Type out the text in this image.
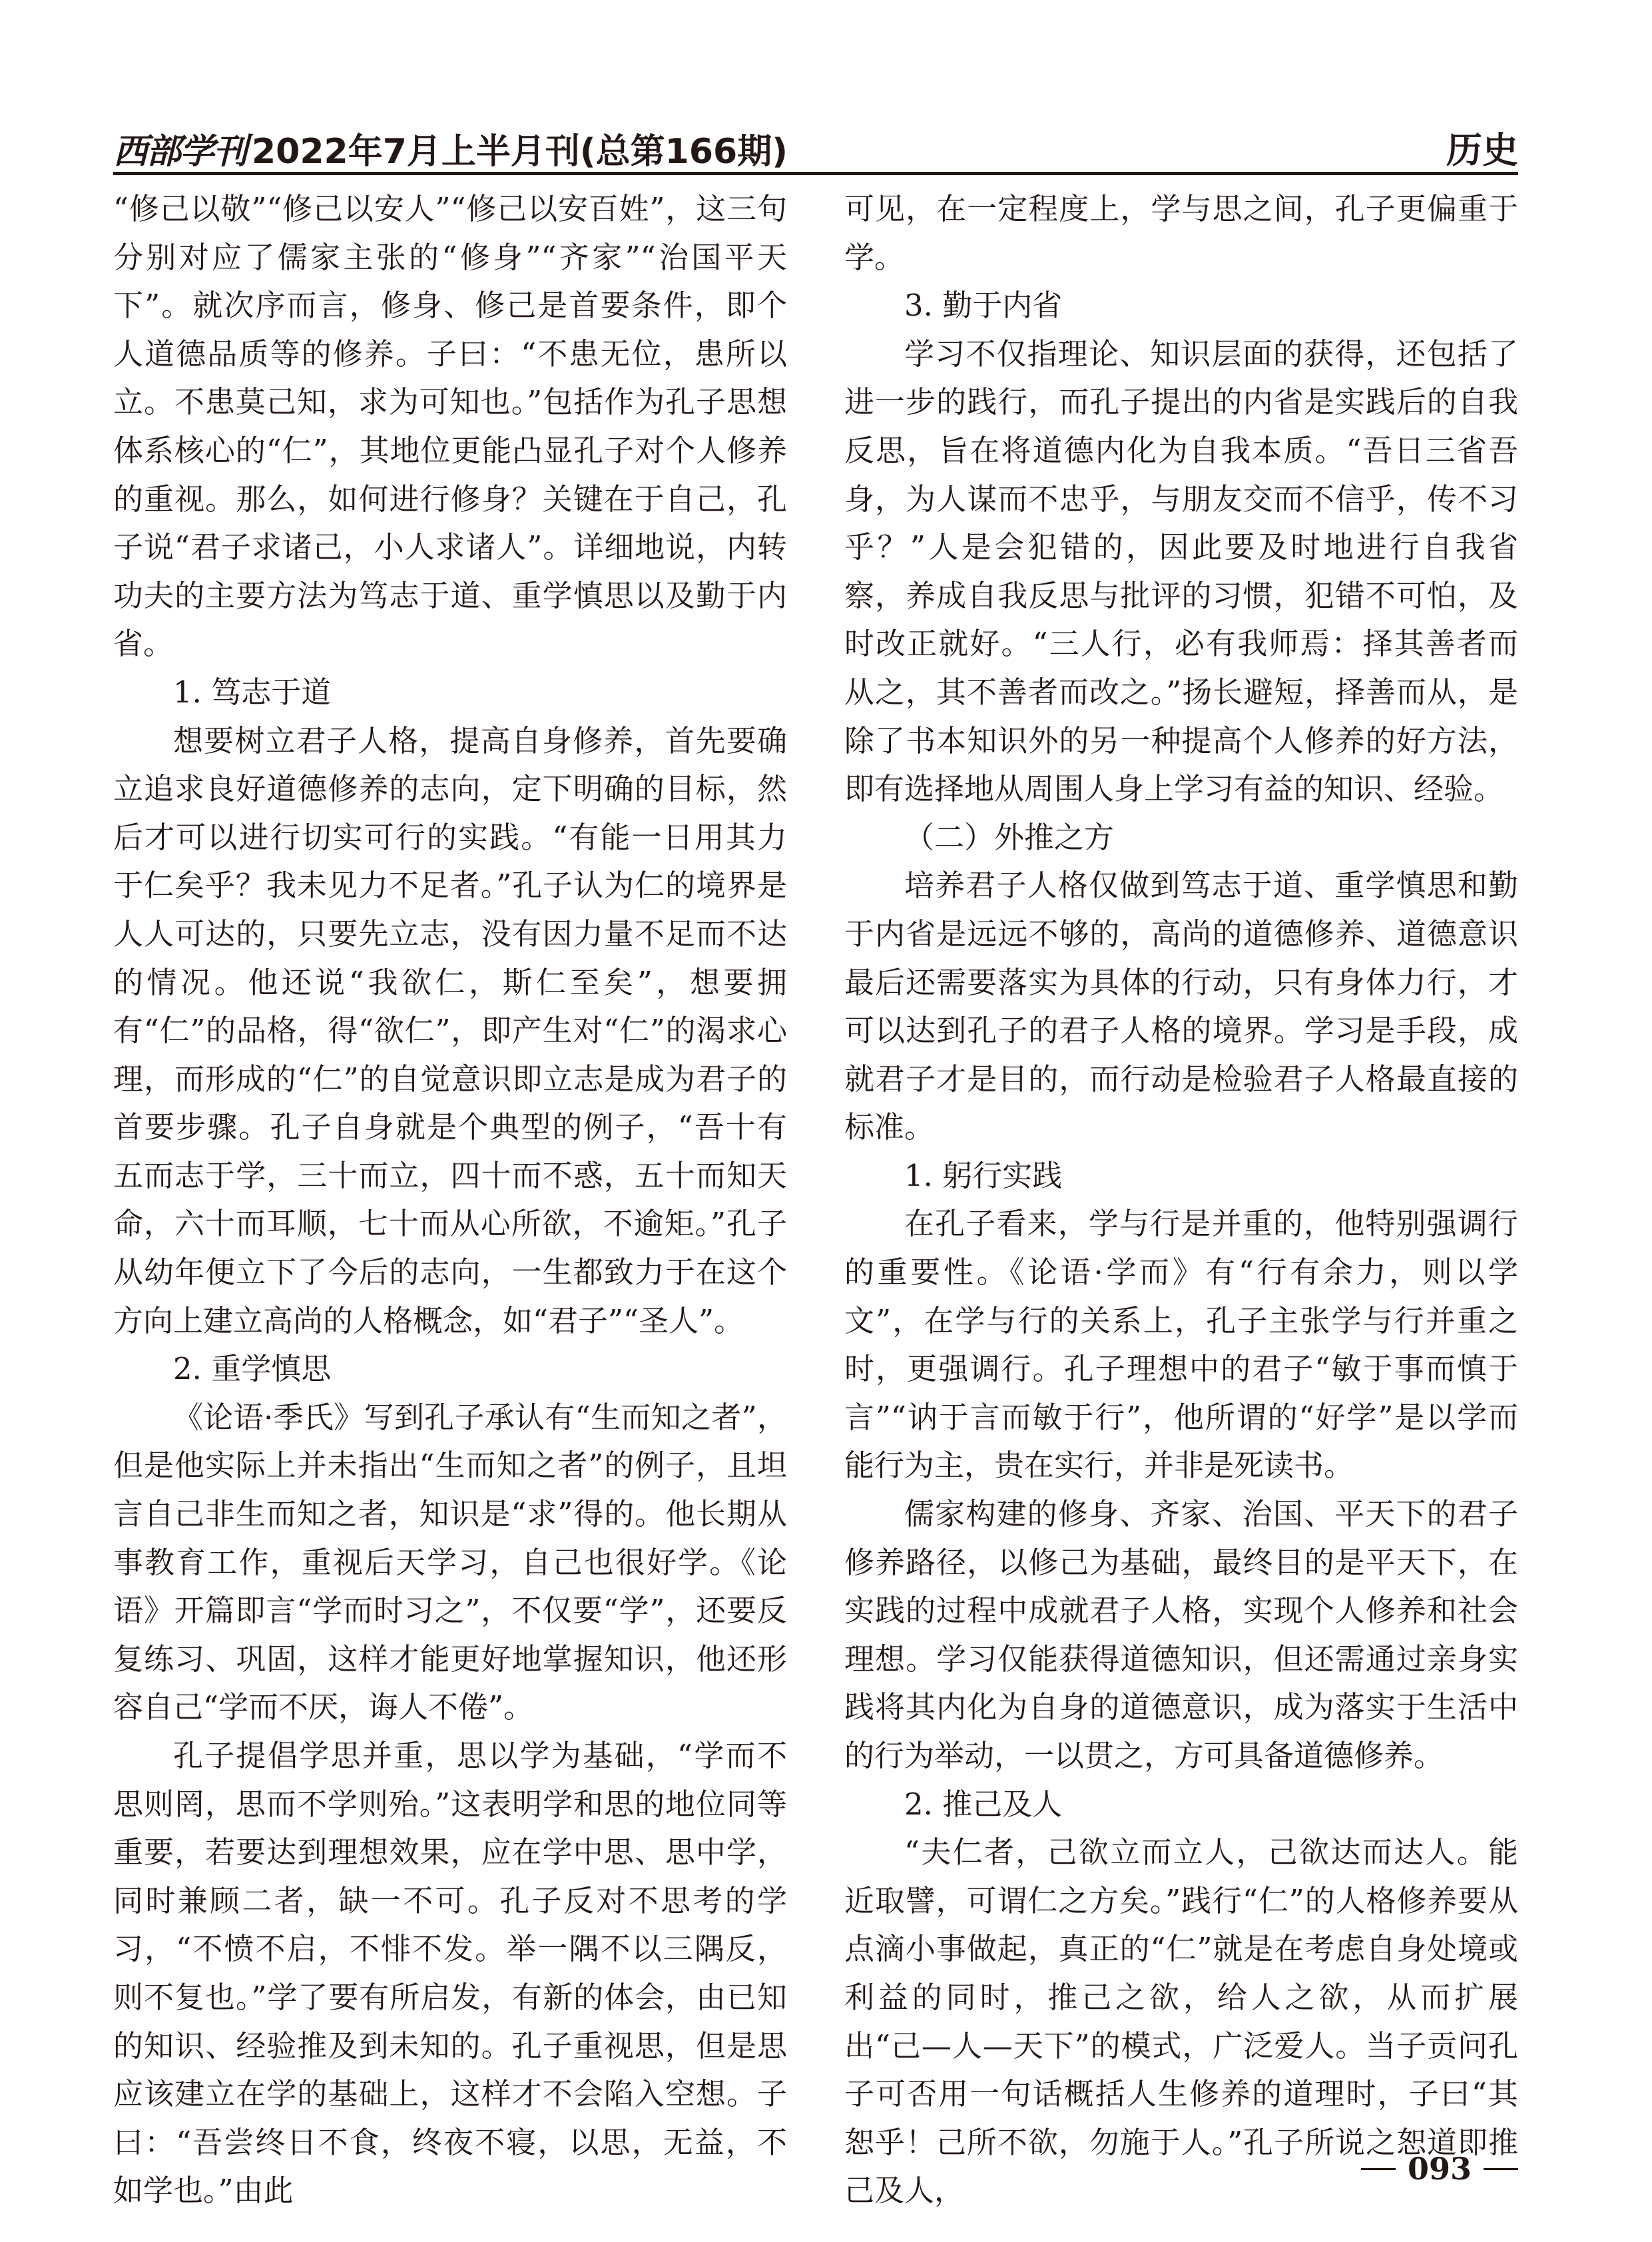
西部学刊 2022年7月上半月刊(总第166期)	历史

“修己以敬”“修己以安人”“修己以安百姓”，这三句分别对应了儒家主张的“修身”“齐家”“治国平天下”。就次序而言，修身、修己是首要条件，即个人道德品质等的修养。子曰：“不患无位，患所以立。不患莫己知，求为可知也。”包括作为孔子思想体系核心的“仁”，其地位更能凸显孔子对个人修养的重视。那么，如何进行修身？关键在于自己，孔子说“君子求诸己，小人求诸人”。详细地说，内转功夫的主要方法为笃志于道、重学慎思以及勤于内省。

1. 笃志于道

想要树立君子人格，提高自身修养，首先要确立追求良好道德修养的志向，定下明确的目标，然后才可以进行切实可行的实践。“有能一日用其力于仁矣乎？我未见力不足者。”孔子认为仁的境界是人人可达的，只要先立志，没有因力量不足而不达的情况。他还说“我欲仁，斯仁至矣”，想要拥有“仁”的品格，得“欲仁”，即产生对“仁”的渴求心理，而形成的“仁”的自觉意识即立志是成为君子的首要步骤。孔子自身就是个典型的例子，“吾十有五而志于学，三十而立，四十而不惑，五十而知天命，六十而耳顺，七十而从心所欲，不逾矩。”孔子从幼年便立下了今后的志向，一生都致力于在这个方向上建立高尚的人格概念，如“君子”“圣人”。

2. 重学慎思

《论语·季氏》写到孔子承认有“生而知之者”，但是他实际上并未指出“生而知之者”的例子，且坦言自己非生而知之者，知识是“求”得的。他长期从事教育工作，重视后天学习，自己也很好学。《论语》开篇即言“学而时习之”，不仅要“学”，还要反复练习、巩固，这样才能更好地掌握知识，他还形容自己“学而不厌，诲人不倦”。

孔子提倡学思并重，思以学为基础，“学而不思则罔，思而不学则殆。”这表明学和思的地位同等重要，若要达到理想效果，应在学中思、思中学，同时兼顾二者，缺一不可。孔子反对不思考的学习，“不愤不启，不悱不发。举一隅不以三隅反，则不复也。”学了要有所启发，有新的体会，由已知的知识、经验推及到未知的。孔子重视思，但是思应该建立在学的基础上，这样才不会陷入空想。子曰：“吾尝终日不食，终夜不寝，以思，无益，不如学也。”由此

可见，在一定程度上，学与思之间，孔子更偏重于学。

3. 勤于内省

学习不仅指理论、知识层面的获得，还包括了进一步的践行，而孔子提出的内省是实践后的自我反思，旨在将道德内化为自我本质。“吾日三省吾身，为人谋而不忠乎，与朋友交而不信乎，传不习乎？”人是会犯错的，因此要及时地进行自我省察，养成自我反思与批评的习惯，犯错不可怕，及时改正就好。“三人行，必有我师焉：择其善者而从之，其不善者而改之。”扬长避短，择善而从，是除了书本知识外的另一种提高个人修养的好方法，即有选择地从周围人身上学习有益的知识、经验。

（二）外推之方

培养君子人格仅做到笃志于道、重学慎思和勤于内省是远远不够的，高尚的道德修养、道德意识最后还需要落实为具体的行动，只有身体力行，才可以达到孔子的君子人格的境界。学习是手段，成就君子才是目的，而行动是检验君子人格最直接的标准。

1. 躬行实践

在孔子看来，学与行是并重的，他特别强调行的重要性。《论语·学而》有“行有余力，则以学文”，在学与行的关系上，孔子主张学与行并重之时，更强调行。孔子理想中的君子“敏于事而慎于言”“讷于言而敏于行”，他所谓的“好学”是以学而能行为主，贵在实行，并非是死读书。

儒家构建的修身、齐家、治国、平天下的君子修养路径，以修己为基础，最终目的是平天下，在实践的过程中成就君子人格，实现个人修养和社会理想。学习仅能获得道德知识，但还需通过亲身实践将其内化为自身的道德意识，成为落实于生活中的行为举动，一以贯之，方可具备道德修养。

2. 推己及人

“夫仁者，己欲立而立人，己欲达而达人。能近取譬，可谓仁之方矣。”践行“仁”的人格修养要从点滴小事做起，真正的“仁”就是在考虑自身处境或利益的同时，推己之欲，给人之欲，从而扩展出“己—人—天下”的模式，广泛爱人。当子贡问孔子可否用一句话概括人生修养的道理时，子曰“其恕乎！己所不欲，勿施于人。”孔子所说之恕道即推己及人，

093
